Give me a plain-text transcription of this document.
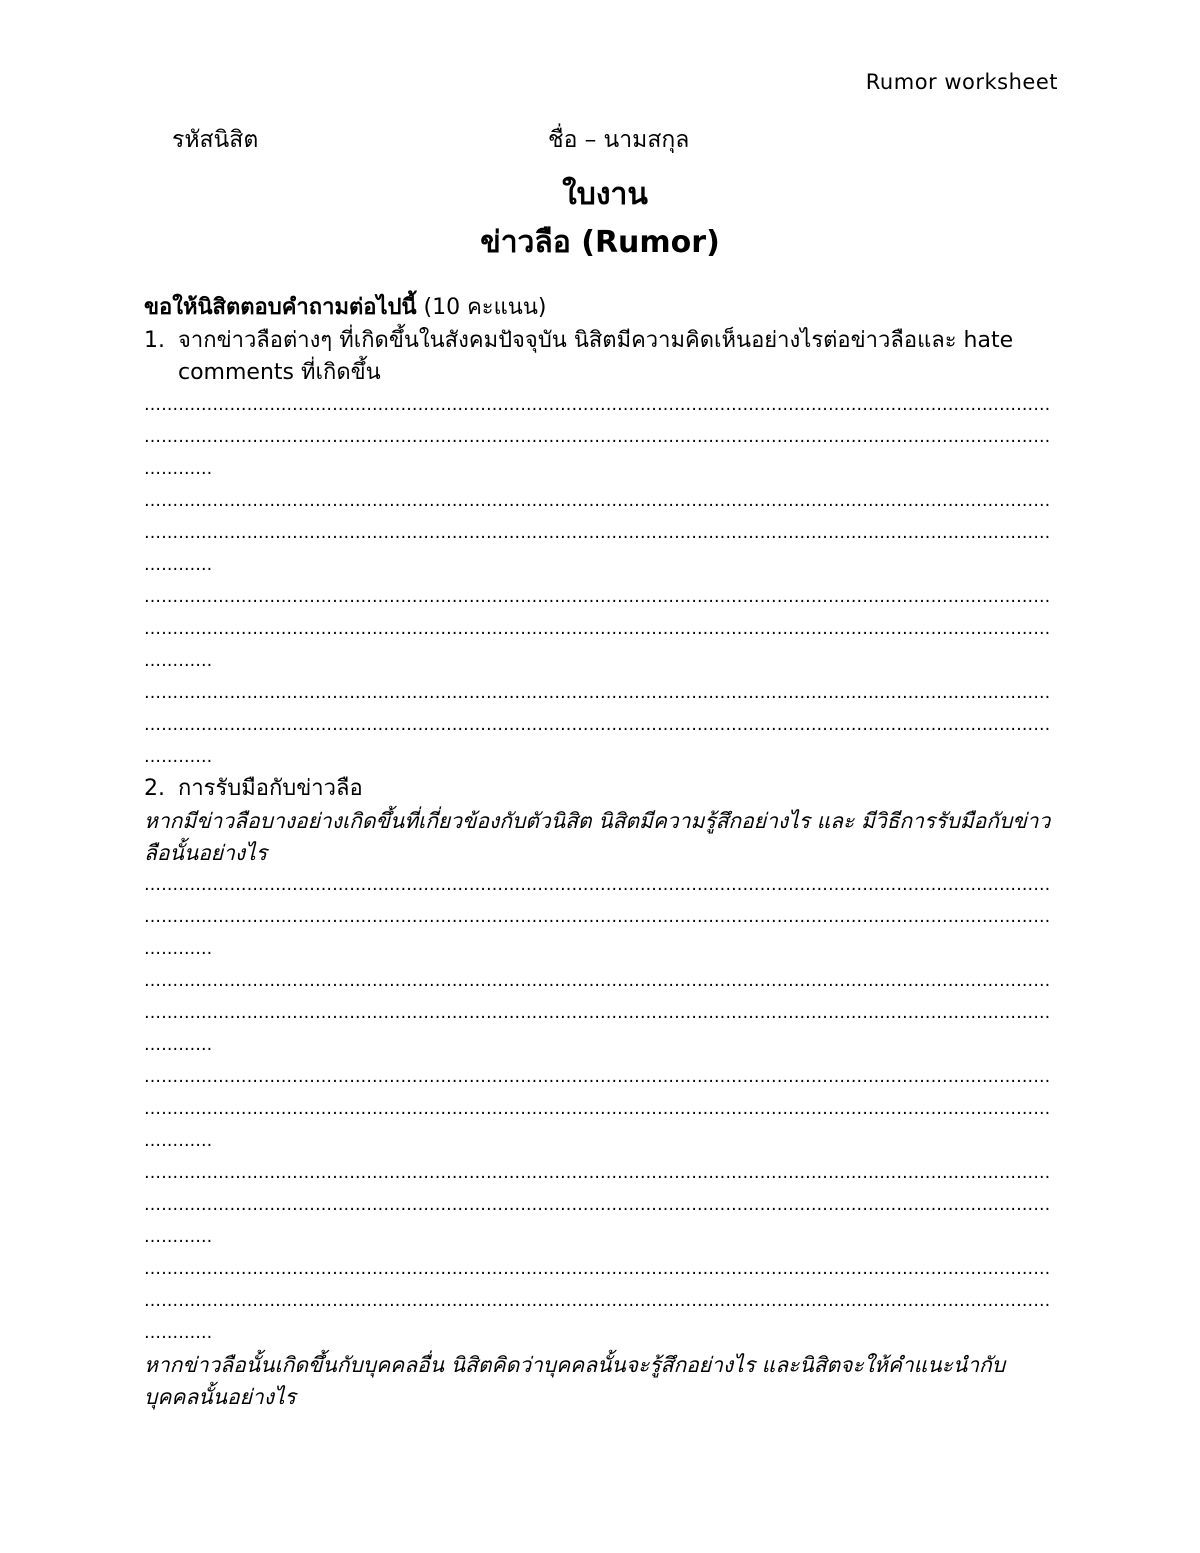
Rumor worksheet
รหัสนิสิต	ชื่อ – นามสกุล
ใบงาน
ข่าวลือ (Rumor)
ขอให้นิสิตตอบคำถามต่อไปนี้ (10 คะแนน)
1. จากข่าวลือต่างๆ ที่เกิดขึ้นในสังคมปัจจุบัน นิสิตมีความคิดเห็นอย่างไรต่อข่าวลือและ hate comments ที่เกิดขึ้น
……………………………………………………………………………………………………………………………………………
……………………………………………………………………………………………………………………………………………
…………
……………………………………………………………………………………………………………………………………………
……………………………………………………………………………………………………………………………………………
…………
……………………………………………………………………………………………………………………………………………
……………………………………………………………………………………………………………………………………………
…………
……………………………………………………………………………………………………………………………………………
……………………………………………………………………………………………………………………………………………
…………
2. การรับมือกับข่าวลือ
หากมีข่าวลือบางอย่างเกิดขึ้นที่เกี่ยวข้องกับตัวนิสิต นิสิตมีความรู้สึกอย่างไร และ มีวิธีการรับมือกับข่าวลือนั้นอย่างไร
……………………………………………………………………………………………………………………………………………
……………………………………………………………………………………………………………………………………………
…………
……………………………………………………………………………………………………………………………………………
……………………………………………………………………………………………………………………………………………
…………
……………………………………………………………………………………………………………………………………………
……………………………………………………………………………………………………………………………………………
…………
……………………………………………………………………………………………………………………………………………
……………………………………………………………………………………………………………………………………………
…………
……………………………………………………………………………………………………………………………………………
……………………………………………………………………………………………………………………………………………
…………
หากข่าวลือนั้นเกิดขึ้นกับบุคคลอื่น นิสิตคิดว่าบุคคลนั้นจะรู้สึกอย่างไร และนิสิตจะให้คำแนะนำกับบุคคลนั้นอย่างไร
